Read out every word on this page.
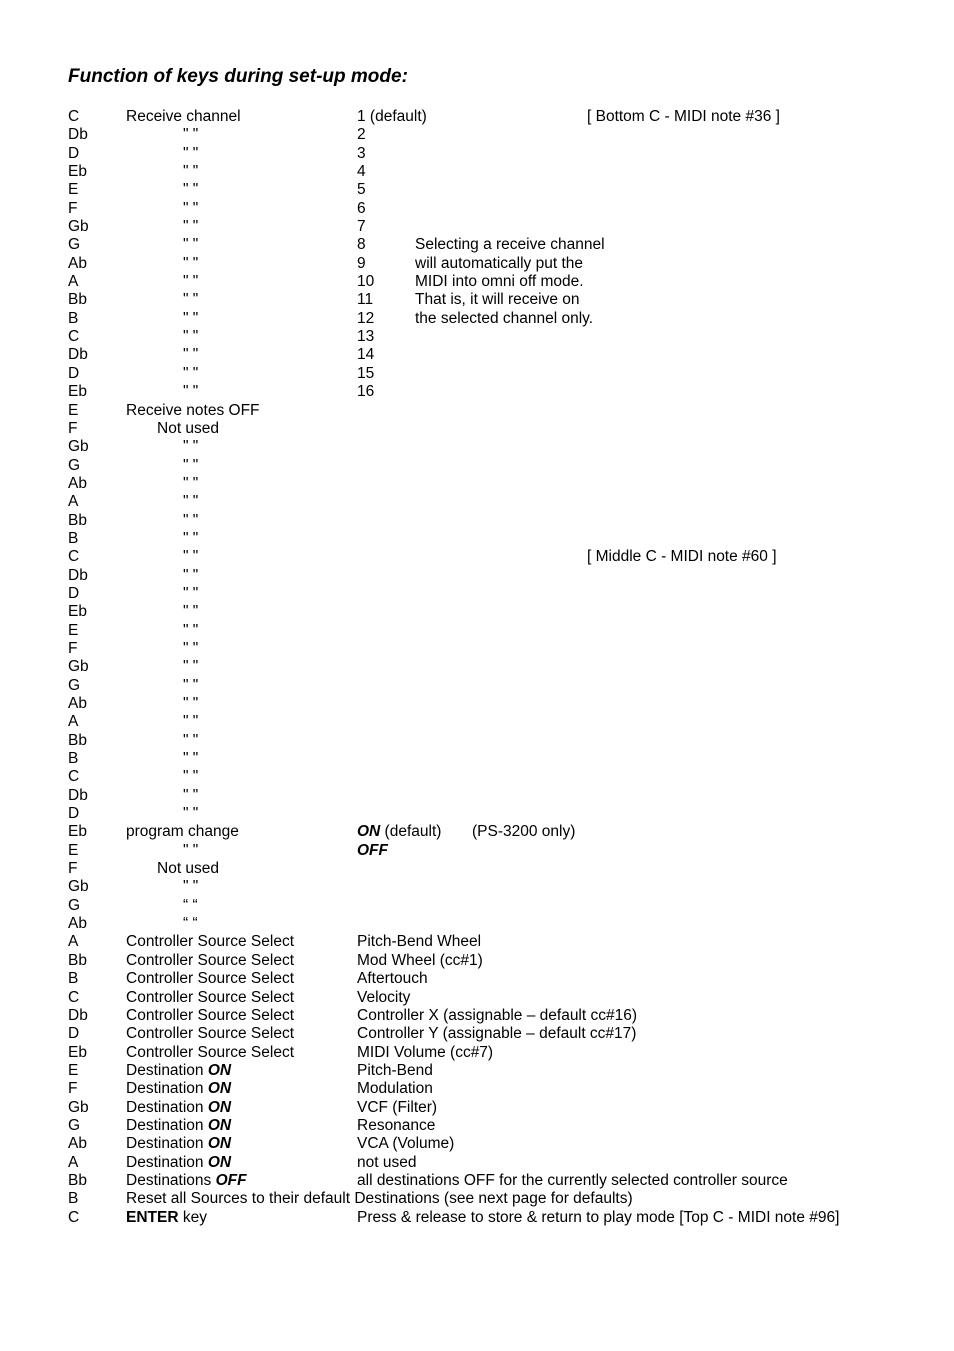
Function of keys during set-up mode:
C	Receive channel	1 (default)	[ Bottom C - MIDI note #36 ]
Db	" "	2
D	" "	3
Eb	" "	4
E	" "	5
F	" "	6
Gb	" "	7
G	" "	8	Selecting a receive channel
Ab	" "	9	will automatically put the
A	" "	10	MIDI into omni off mode.
Bb	" "	11	That is, it will receive on
B	" "	12	the selected channel only.
C	" "	13
Db	" "	14
D	" "	15
Eb	" "	16
E	Receive notes OFF
F	Not used
Gb	" "
G	" "
Ab	" "
A	" "
Bb	" "
B	" "
C	" "	[ Middle C - MIDI note #60 ]
Db	" "
D	" "
Eb	" "
E	" "
F	" "
Gb	" "
G	" "
Ab	" "
A	" "
Bb	" "
B	" "
C	" "
Db	" "
D	" "
Eb	program change	ON (default) (PS-3200 only)
E	" "	OFF
F	Not used
Gb	" "
G	“ “
Ab	“ “
A	Controller Source Select	Pitch-Bend Wheel
Bb	Controller Source Select	Mod Wheel (cc#1)
B	Controller Source Select	Aftertouch
C	Controller Source Select	Velocity
Db Controller Source Select	Controller X (assignable – default cc#16)
D	Controller Source Select	Controller Y (assignable – default cc#17)
Eb	Controller Source Select	MIDI Volume (cc#7)
E	Destination ON	Pitch-Bend
F	Destination ON	Modulation
Gb Destination ON	VCF (Filter)
G	Destination ON	Resonance
Ab	Destination ON	VCA (Volume)
A	Destination ON	not used
Bb	Destinations OFF	all destinations OFF for the currently selected controller source
B	Reset all Sources to their default Destinations (see next page for defaults)
C	ENTER key	Press & release to store & return to play mode [Top C - MIDI note #96]
